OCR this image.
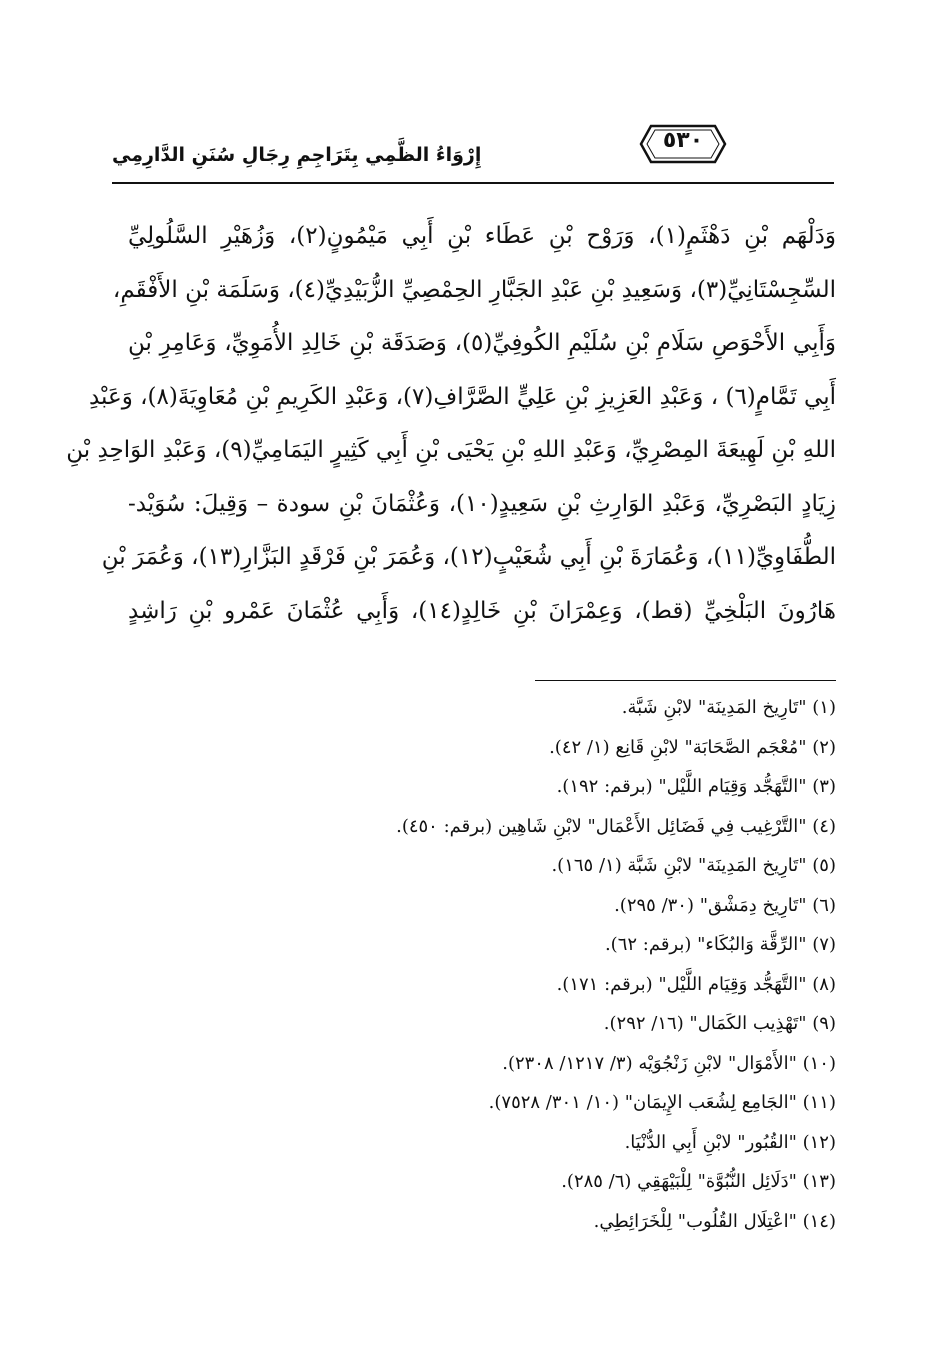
٥٣٠
إِرْوَاءُ الظَّمِي بِتَرَاجِمِ رِجَالِ سُنَنِ الدَّارِمِي
وَدَلْهَم بْنِ دَهْثَمٍ(١)، وَرَوْح بْنِ عَطَاء بْنِ أَبِي مَيْمُونٍ(٢)، وَزُهَيْرِ السَّلُولِيِّ
السِّجِسْتَانِيِّ(٣)، وَسَعِيدِ بْنِ عَبْدِ الجَبَّارِ الحِمْصِيِّ الزُّبَيْدِيِّ(٤)، وَسَلَمَة بْنِ الأَفْقَمِ،
وَأَبِي الأَحْوَصِ سَلَامِ بْنِ سُلَيْمِ الكُوفِيِّ(٥)، وَصَدَقَة بْنِ خَالِدِ الأُمَوِيِّ، وَعَامِرِ بْنِ
أَبِي تَمَّامٍ(٦) ، وَعَبْدِ العَزِيزِ بْنِ عَلِيٍّ الصَّرَّافِ(٧)، وَعَبْدِ الكَرِيمِ بْنِ مُعَاوِيَةَ(٨)، وَعَبْدِ
اللهِ بْنِ لَهِيعَةَ المِصْرِيِّ، وَعَبْدِ اللهِ بْنِ يَحْيَى بْنِ أَبِي كَثِيرٍ اليَمَامِيِّ(٩)، وَعَبْدِ الوَاحِدِ بْنِ
زِيَادٍ البَصْرِيِّ، وَعَبْدِ الوَارِثِ بْنِ سَعِيدٍ(١٠)، وَعُثْمَانَ بْنِ سودة – وَقِيلَ: سُوَيْد-
الطُّفَاوِيِّ(١١)، وَعُمَارَةَ بْنِ أَبِي شُعَيْبٍ(١٢)، وَعُمَرَ بْنِ فَرْقَدٍ البَزَّارِ(١٣)، وَعُمَرَ بْنِ
هَارُونَ البَلْخِيِّ (قط)، وَعِمْرَانَ بْنِ خَالِدٍ(١٤)، وَأَبِي عُثْمَانَ عَمْرو بْنِ رَاشِدٍ
(١) "تَارِيخ المَدِينَة" لابْنِ شَبَّة.
(٢) "مُعْجَم الصَّحَابَة" لابْنِ قَانِع (١/ ٤٢).
(٣) "التَّهَجُّد وَقِيَام اللَّيْل" (برقم: ١٩٢).
(٤) "التَّرْغِيب فِي فَضَائِل الأَعْمَال" لابْنِ شَاهِين (برقم: ٤٥٠).
(٥) "تَارِيخ المَدِينَة" لابْنِ شَبَّة (١/ ١٦٥).
(٦) "تَارِيخ دِمَشْق" (٣٠/ ٢٩٥).
(٧) "الرِّقَّة وَالبُكَاء" (برقم: ٦٢).
(٨) "التَّهَجُّد وَقِيَام اللَّيْل" (برقم: ١٧١).
(٩) "تَهْذِيب الكَمَال" (١٦/ ٢٩٢).
(١٠) "الأَمْوَال" لابْنِ زَنْجُوَيْه (٣/ ١٢١٧/ ٢٣٠٨).
(١١) "الجَامِع لِشُعَب الإِيمَان" (١٠/ ٣٠١/ ٧٥٢٨).
(١٢) "القُبُور" لابْنِ أَبِي الدُّنْيَا.
(١٣) "دَلَائِل النُّبُوَّة" لِلْبَيْهَقِي (٦/ ٢٨٥).
(١٤) "اعْتِلَال القُلُوب" لِلْخَرَائِطِي.
